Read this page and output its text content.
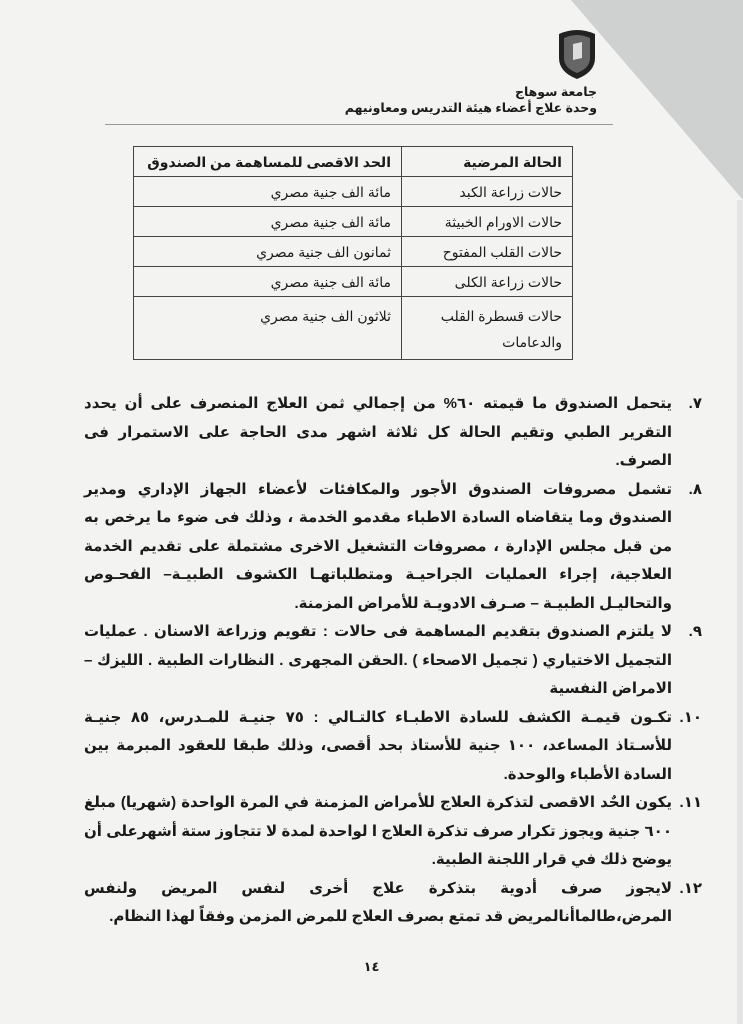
جامعة سوهاج
وحدة علاج أعضاء هيئة التدريس ومعاونيهم
الحالة المرضية	الحد الاقصى للمساهمة من الصندوق
حالات زراعة الكبد	مائة الف جنية مصري
حالات الاورام الخبيثة	مائة الف جنية مصري
حالات القلب المفتوح	ثمانون الف جنية مصري
حالات زراعة الكلى	مائة الف جنية مصري
حالات قسطرة القلب والدعامات	ثلاثون الف جنية مصري
٧.
يتحمل الصندوق ما قيمته ٦٠% من إجمالي ثمن العلاج المنصرف على أن يحدد التقرير الطبي وتقيم الحالة كل ثلاثة اشهر مدى الحاجة على الاستمرار فى الصرف.
٨.
تشمل مصروفات الصندوق الأجور والمكافئات لأعضاء الجهاز الإداري ومدير الصندوق وما يتقاضاه السادة الاطباء مقدمو الخدمة ، وذلك فى ضوء ما يرخص به من قبل مجلس الإدارة ، مصروفات التشغيل الاخرى مشتملة على تقديم الخدمة العلاجية، إجراء العمليات الجراحيـة ومتطلباتهـا الكشوف الطبيـة– الفحـوص والتحاليـل الطبيـة – صـرف الادويـة للأمراض المزمنة.
٩.
لا يلتزم الصندوق بتقديم المساهمة فى حالات : تقويم وزراعة الاسنان . عمليات التجميل الاختياري ( تجميل الاصحاء ) .الحقن المجهرى . النظارات الطبية . الليزك – الامراض النفسية
١٠.
تكـون قيمـة الكشف للسادة الاطبـاء كالتـالي : ٧٥ جنيـة للمـدرس، ٨٥ جنيـة للأسـتاذ المساعد، ١٠٠ جنية للأستاذ بحد أقصى، وذلك طبقا للعقود المبرمة بين السادة الأطباء والوحدة.
١١.
يكون الحٌد الاقصى لتذكرة العلاج للأمراض المزمنة في المرة الواحدة (شهريا) مبلغ ٦٠٠ جنية ويجوز تكرار صرف تذكرة العلاج ا لواحدة لمدة لا تتجاوز ستة أشهرعلى أن يوضح ذلك في قرار اللجنة الطبية.
١٢.
لايجوز صرف أدوية بتذكرة علاج أخرى لنفس المريض ولنفس المرض،طالماأنالمريض قد تمتع بصرف العلاج للمرض المزمن وفقاً لهذا النظام.
١٤
